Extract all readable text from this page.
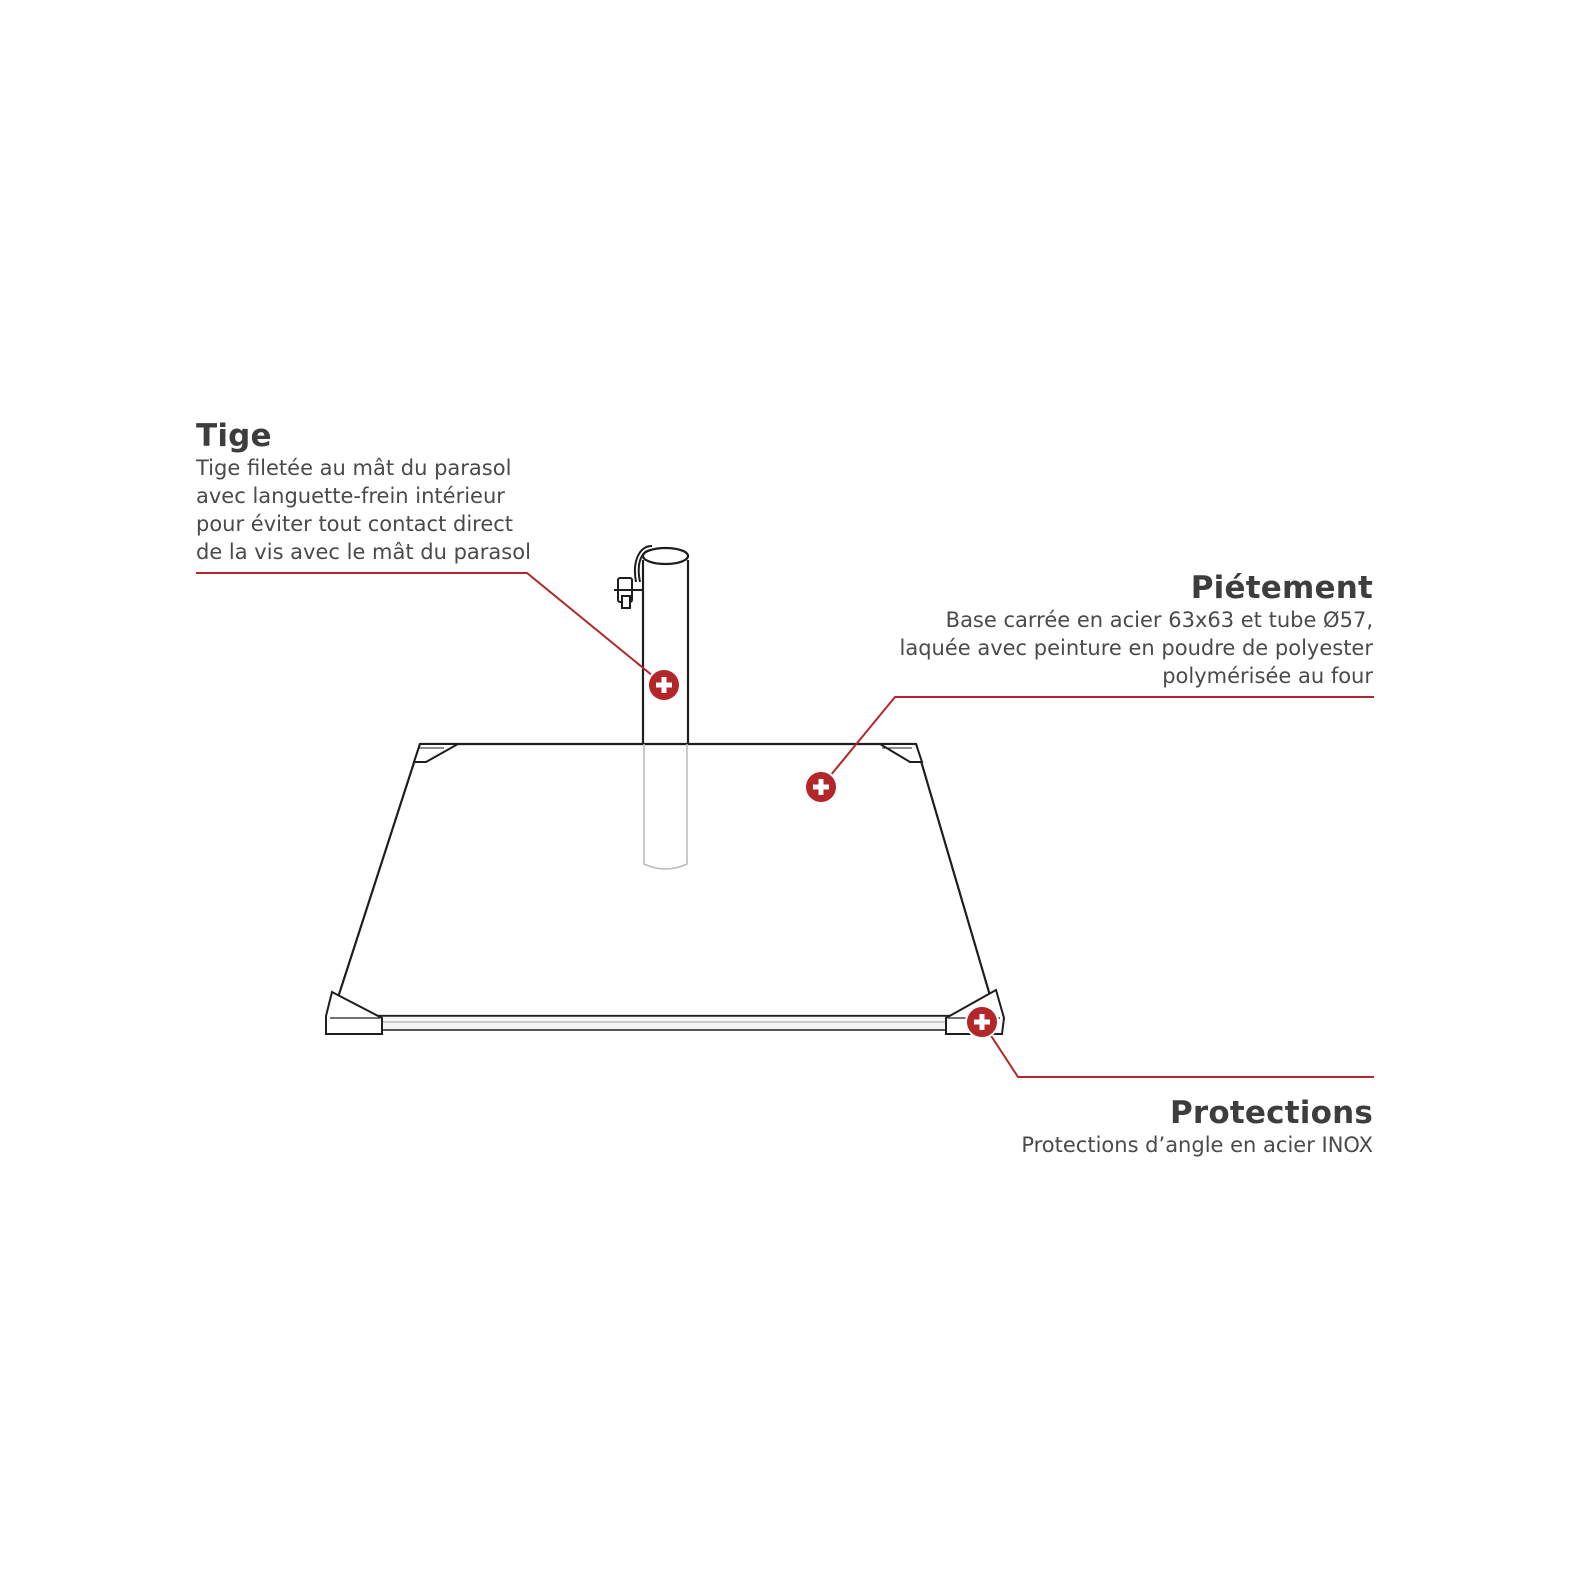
Tige

Tige filetée au mât du parasol
avec languette-frein intérieur
pour éviter tout contact direct
de la vis avec le mât du parasol

Piétement

Base carrée en acier 63x63 et tube Ø57,
laquée avec peinture en poudre de polyester
polymérisée au four

Protections

Protections d’angle en acier INOX
